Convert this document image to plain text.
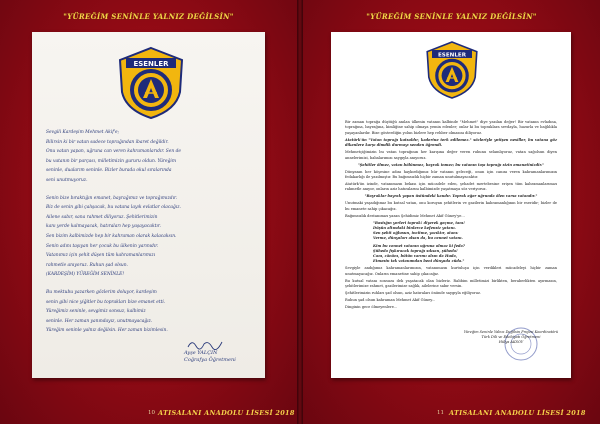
"YÜREĞİM SENİNLE YALNIZ DEĞİLSİN"
ESENLER
Sevgili Kardeşim Mehmet Akif'e;
Bilirsin ki bir vatan sadece toprağından ibaret değildir.
Onu vatan yapan, uğruna can veren kahramanlarıdır. Sen de
bu vatanın bir parçası, milletimizin gururu oldun. Yüreğim
seninle, dualarım seninle. Bizler burada okul sıralarında
seni unutmuyoruz.
Senin bize bıraktığın emanet, bayrağımız ve toprağımızdır.
Biz de senin gibi çalışacak, bu vatana layık evlatlar olacağız.
Ailene sabır, sana rahmet diliyoruz. Şehitlerimizin
kanı yerde kalmayacak, hatıraları hep yaşayacaktır.
Sen bizim kalbimizde hep bir kahraman olarak kalacaksın.
Senin adını taşıyan her çocuk bu ülkenin yarınıdır.
Vatanımız için şehit düşen tüm kahramanlarımızı
rahmetle anıyoruz. Ruhun şad olsun.
(KARDEŞİM) YÜREĞİM SENİNLE!
Bu mektubu yazarken gözlerim doluyor, kardeşim
senin gibi nice yiğitler bu toprakları bize emanet etti.
Yüreğimiz seninle, sevgimiz sonsuz, kalbimiz
seninle. Her zaman yanındayız, unutmayacağız.
Yüreğim seninle yalnız değilsin. Her zaman bizimlesin.
Ayşe YALÇIN
Coğrafya Öğretmeni
10 ATISALANI ANADOLU LİSESİ 2018
"YÜREĞİM SENİNLE YALNIZ DEĞİLSİN"
ESENLER

Bir zaman toprağa düştüğü anılan ülkenin vatanın kalbinde "Mehmet" diye yazılan değer! Bir vatanın evladına, toprağına, bayrağına, kimliğine sahip olmaya yemin edenler; onlar ki bu topraklara sevdayla, huzurla ve bağlılıkla yaşayanlardır. Bize gösterdiğin yolun bizlere hep rehber olmasını diliyoruz.

Atatürk'ün "Vatan toprağı kutsaldır, kaderine terk edilemez." sözleriyle yetişen nesiller, bu vatana göz dikenlere karşı dimdik durmayı senden öğrendi.

Mehmetçiğimizin bu vatan toprağının her karışına değer veren ruhunu selamlıyoruz, vatan sağolsun diyen annelerimizi, babalarımızı saygıyla anıyoruz.

"Şehitler ölmez, vatan bölünmez, bayrak inmez; bu vatanın taşı toprağı sizin emanetinizdir."

Dünyanın her köşesine adını haykırdığımız hür vatanın geleceği, onun için canını veren kahramanlarımızın fedakarlığı ile yazılmıştır. Bu bağımsızlık hiçbir zaman unutulmayacaktır.

Atatürk'ün izinde, vatanımızın bekası için mücadele eden, şehadet mertebesine erişen tüm kahramanlarımızı rahmetle anıyor, onların aziz hatıralarını kalbimizde yaşatmaya söz veriyoruz.

"Bayraklar bayrak yapan üstündeki kandır. Toprak eğer uğrunda ölen varsa vatandır."

Unutmaki yaşadığımız bu kutsal vatan, onu koruyan şehitlerin ve gazilerin kahramanlığının bir eseridir; bizler de bu emanete sahip çıkacağız.

Bağımsızlık destanımızı yazan Şehidimiz Mehmet Akif Güney'ye...

"Bastığın yerleri toprak! diyerek geçme, tanı!
Düşün altındaki binlerce kefensiz yatanı.
Sen şehit oğlusun, incitme, yazıktır, atanı:
Verme, dünyaları alsan da, bu cennet vatanı.
Kim bu cennet vatanın uğruna olmaz ki feda?
Şüheda fışkıracak toprağı sıksan, şüheda!
Canı, cânânı, bütün varımı alsın da Huda,
Etmesin tek vatanımdan beni dünyada cüda."

Sevgiyle andığımız kahramanlarımızın, vatanımızın kurtuluşu için verdikleri mücadeleyi hiçbir zaman unutmayacağız. Onların emanetine sahip çıkacağız.

Bu kutsal vatanı sonsuza dek yaşatacak olan bizleriz. Rabbim milletimizi birlikten, beraberlikten ayırmasın, şehitlerimize rahmet, gazilerimize sağlık, ailelerine sabır versin.

Şehitlerimizin ruhları şad olsun, aziz hatıraları önünde saygıyla eğiliyoruz.

Ruhun şad olsun kahraman Mehmet Akif Güney...

Dinginin gece ölmeyenlere...

Yüreğim Seninle Yalnız Değilsin Projesi Koordinatörü
Türk Dili ve Edebiyatı Öğretmeni
Hülya AKSOY
11 ATISALANI ANADOLU LİSESİ 2018
